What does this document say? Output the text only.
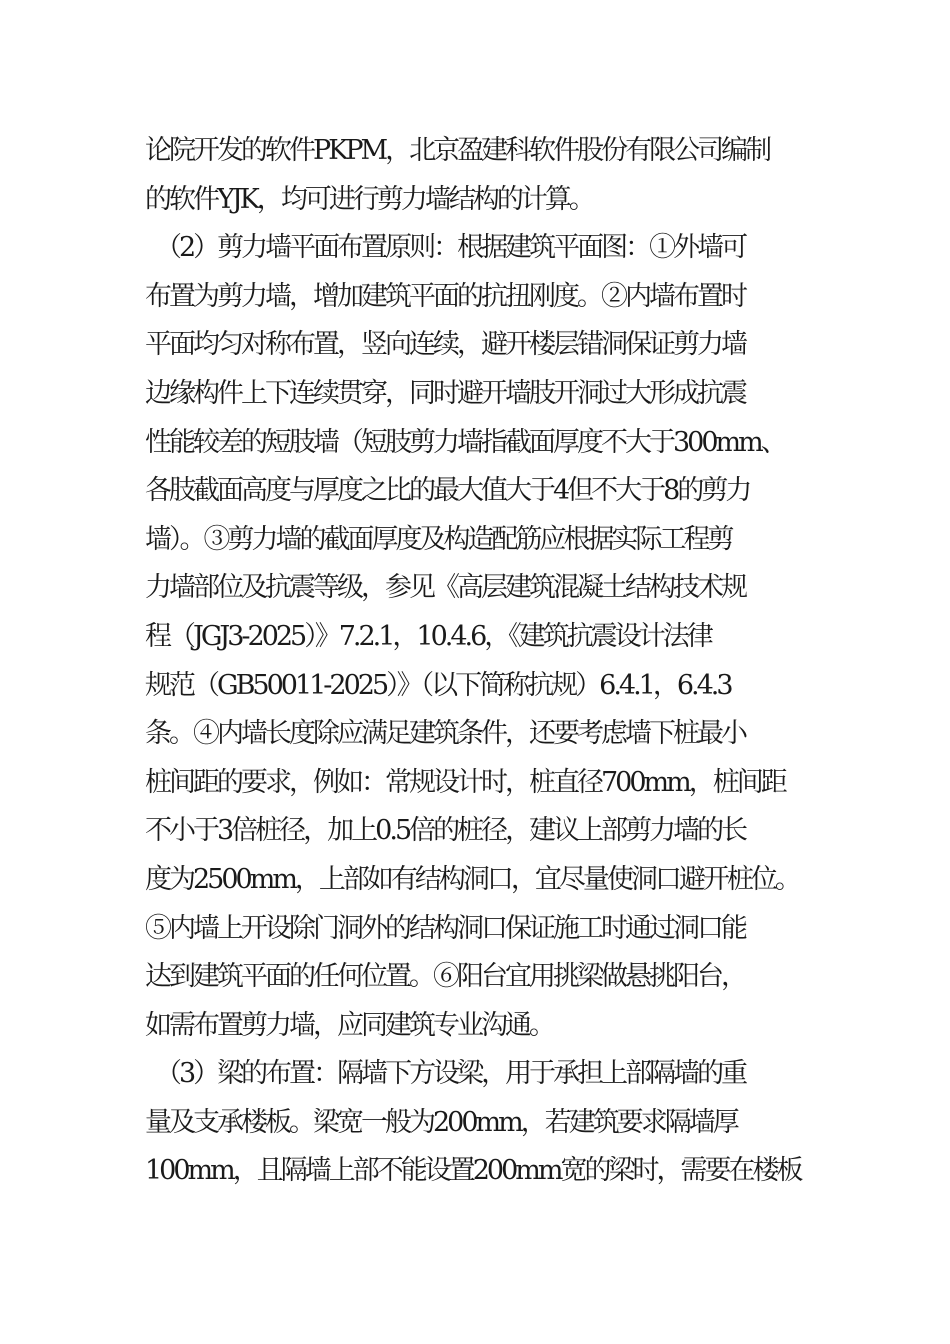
论院开发的软件PKPM，北京盈建科软件股份有限公司编制
的软件YJK，均可进行剪力墙结构的计算。
（2）剪力墙平面布置原则：根据建筑平面图：①外墙可
布置为剪力墙，增加建筑平面的抗扭刚度。②内墙布置时
平面均匀对称布置，竖向连续，避开楼层错洞保证剪力墙
边缘构件上下连续贯穿，同时避开墙肢开洞过大形成抗震
性能较差的短肢墙（短肢剪力墙指截面厚度不大于300mm、
各肢截面高度与厚度之比的最大值大于4但不大于8的剪力
墙）。③剪力墙的截面厚度及构造配筋应根据实际工程剪
力墙部位及抗震等级，参见《高层建筑混凝土结构技术规
程（JGJ3-2025）》7.2.1，10.4.6，《建筑抗震设计法律
规范（GB50011-2025）》（以下简称抗规）6.4.1，6.4.3
条。④内墙长度除应满足建筑条件，还要考虑墙下桩最小
桩间距的要求，例如：常规设计时，桩直径700mm，桩间距
不小于3倍桩径，加上0.5倍的桩径，建议上部剪力墙的长
度为2500mm，上部如有结构洞口，宜尽量使洞口避开桩位。
⑤内墙上开设除门洞外的结构洞口保证施工时通过洞口能
达到建筑平面的任何位置。⑥阳台宜用挑梁做悬挑阳台，
如需布置剪力墙，应同建筑专业沟通。
（3）梁的布置：隔墙下方设梁，用于承担上部隔墙的重
量及支承楼板。梁宽一般为200mm，若建筑要求隔墙厚
100mm，且隔墙上部不能设置200mm宽的梁时，需要在楼板
